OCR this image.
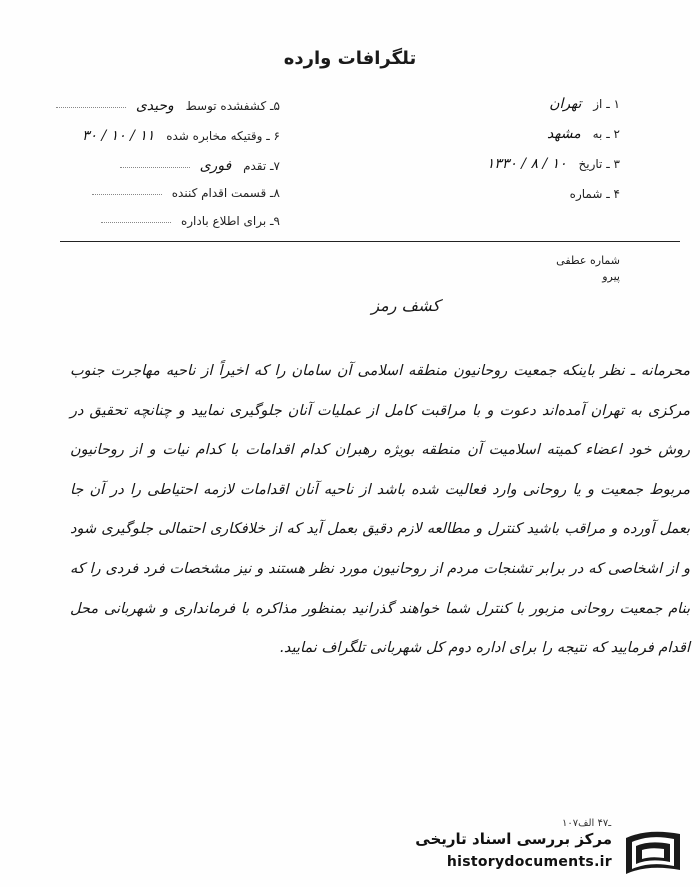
تلگرافات وارده
۱ ـ از تهران
۲ ـ به مشهد
۳ ـ تاریخ ۱۰ / ۸ / ۱۳۳۰
۴ ـ شماره
۵ـ کشفشده توسط وحیدی
۶ ـ وقتیکه مخابره شده ۱۱ / ۱۰ / ۳۰
۷ـ تقدم فوری
۸ـ قسمت اقدام کننده
۹ـ برای اطلاع باداره
شماره عطفی
پیرو
کشف رمز
محرمانه ـ نظر باینکه جمعیت روحانیون منطقه اسلامی آن سامان را که اخیراً از ناحیه مهاجرت جنوب مرکزی به تهران آمده‌اند دعوت و با مراقبت کامل از عملیات آنان جلوگیری نمایید و چنانچه تحقیق در روش خود اعضاء کمیته اسلامیت آن منطقه بویژه رهبران کدام اقدامات با کدام نیات و از روحانیون مربوط جمعیت و یا روحانی وارد فعالیت شده باشد از ناحیه آنان اقدامات لازمه احتیاطی را در آن جا بعمل آورده و مراقب باشید کنترل و مطالعه لازم دقیق بعمل آید که از خلافکاری احتمالی جلوگیری شود و از اشخاصی که در برابر تشنجات مردم از روحانیون مورد نظر هستند و نیز مشخصات فرد فردی را که بنام جمعیت روحانی مزبور با کنترل شما خواهند گذرانید بمنظور مذاکره با فرمانداری و شهربانی محل اقدام فرمایید که نتیجه را برای اداره دوم کل شهربانی تلگراف نمایید.
۱۰۷ـ۴۷ الف
مرکز بررسی اسناد تاریخی
historydocuments.ir
